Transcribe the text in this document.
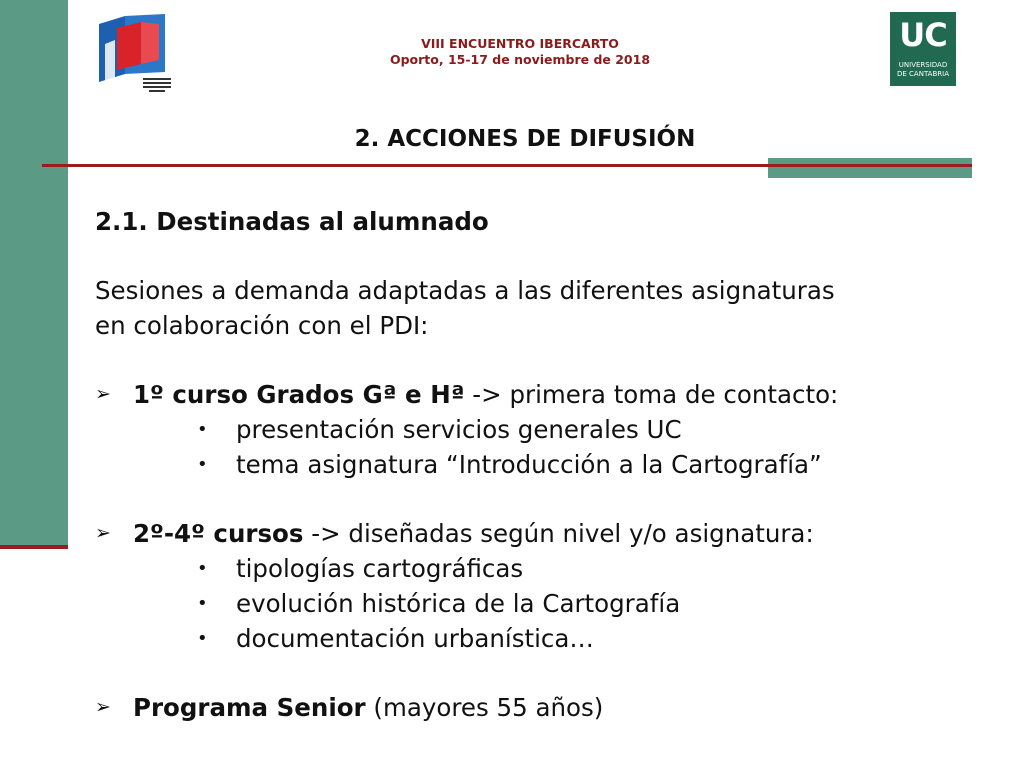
VIII ENCUENTRO IBERCARTO
Oporto, 15-17 de noviembre de 2018
UC
UNIVERSIDAD
DE CANTABRIA
2. ACCIONES DE DIFUSIÓN
2.1. Destinadas al alumnado
Sesiones a demanda adaptadas a las diferentes asignaturas
en colaboración con el PDI:
➢ 1º curso Grados Gª e Hª -> primera toma de contacto:
• presentación servicios generales UC
• tema asignatura “Introducción a la Cartografía”
➢ 2º-4º cursos -> diseñadas según nivel y/o asignatura:
• tipologías cartográficas
• evolución histórica de la Cartografía
• documentación urbanística…
➢ Programa Senior (mayores 55 años)
